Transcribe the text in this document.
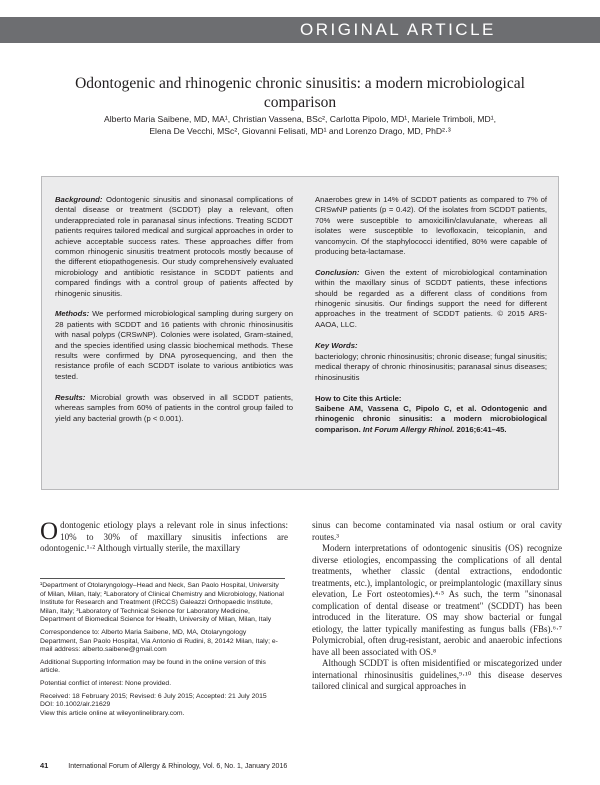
ORIGINAL ARTICLE
Odontogenic and rhinogenic chronic sinusitis: a modern microbiological comparison
Alberto Maria Saibene, MD, MA¹, Christian Vassena, BSc², Carlotta Pipolo, MD¹, Mariele Trimboli, MD¹,
Elena De Vecchi, MSc², Giovanni Felisati, MD¹ and Lorenzo Drago, MD, PhD²·³

Background: Odontogenic sinusitis and sinonasal complications of dental disease or treatment (SCDDT) play a relevant, often underappreciated role in paranasal sinus infections. Treating SCDDT patients requires tailored medical and surgical approaches in order to achieve acceptable success rates. These approaches differ from common rhinogenic sinusitis treatment protocols mostly because of the different etiopathogenesis. Our study comprehensively evaluated microbiology and antibiotic resistance in SCDDT patients and compared findings with a control group of patients affected by rhinogenic sinusitis.

Methods: We performed microbiological sampling during surgery on 28 patients with SCDDT and 16 patients with chronic rhinosinusitis with nasal polyps (CRSwNP). Colonies were isolated, Gram-stained, and the species identified using classic biochemical methods. These results were confirmed by DNA pyrosequencing, and then the resistance profile of each SCDDT isolate to various antibiotics was tested.

Results: Microbial growth was observed in all SCDDT patients, whereas samples from 60% of patients in the control group failed to yield any bacterial growth (p < 0.001).

Anaerobes grew in 14% of SCDDT patients as compared to 7% of CRSwNP patients (p = 0.42). Of the isolates from SCDDT patients, 70% were susceptible to amoxicillin/clavulanate, whereas all isolates were susceptible to levofloxacin, teicoplanin, and vancomycin. Of the staphylococci identified, 80% were capable of producing beta-lactamase.

Conclusion: Given the extent of microbiological contamination within the maxillary sinus of SCDDT patients, these infections should be regarded as a different class of conditions from rhinogenic sinusitis. Our findings support the need for different approaches in the treatment of SCDDT patients. © 2015 ARS-AAOA, LLC.

Key Words:

bacteriology; chronic rhinosinusitis; chronic disease; fungal sinusitis; medical therapy of chronic rhinosinusitis; paranasal sinus diseases; rhinosinusitis

How to Cite this Article:

Saibene AM, Vassena C, Pipolo C, et al. Odontogenic and rhinogenic chronic sinusitis: a modern microbiological comparison. Int Forum Allergy Rhinol. 2016;6:41–45.

Odontogenic etiology plays a relevant role in sinus infections: 10% to 30% of maxillary sinusitis infections are odontogenic.¹·² Although virtually sterile, the maxillary

sinus can become contaminated via nasal ostium or oral cavity routes.³

Modern interpretations of odontogenic sinusitis (OS) recognize diverse etiologies, encompassing the complications of all dental treatments, whether classic (dental extractions, endodontic treatments, etc.), implantologic, or preimplantologic (maxillary sinus elevation, Le Fort osteotomies).⁴·⁵ As such, the term "sinonasal complication of dental disease or treatment" (SCDDT) has been introduced in the literature. OS may show bacterial or fungal etiology, the latter typically manifesting as fungus balls (FBs).⁶·⁷ Polymicrobial, often drug-resistant, aerobic and anaerobic infections have all been associated with OS.⁸

Although SCDDT is often misidentified or miscategorized under international rhinosinusitis guidelines,⁹·¹⁰ this disease deserves tailored clinical and surgical approaches in

¹Department of Otolaryngology–Head and Neck, San Paolo Hospital, University of Milan, Milan, Italy; ²Laboratory of Clinical Chemistry and Microbiology, National Institute for Research and Treatment (IRCCS) Galeazzi Orthopaedic Institute, Milan, Italy; ³Laboratory of Technical Science for Laboratory Medicine, Department of Biomedical Science for Health, University of Milan, Milan, Italy

Correspondence to: Alberto Maria Saibene, MD, MA, Otolaryngology Department, San Paolo Hospital, Via Antonio di Rudini, 8, 20142 Milan, Italy; e-mail address: alberto.saibene@gmail.com

Additional Supporting Information may be found in the online version of this article.

Potential conflict of interest: None provided.

Received: 18 February 2015; Revised: 6 July 2015; Accepted: 21 July 2015
DOI: 10.1002/alr.21629
View this article online at wileyonlinelibrary.com.
41	International Forum of Allergy & Rhinology, Vol. 6, No. 1, January 2016
